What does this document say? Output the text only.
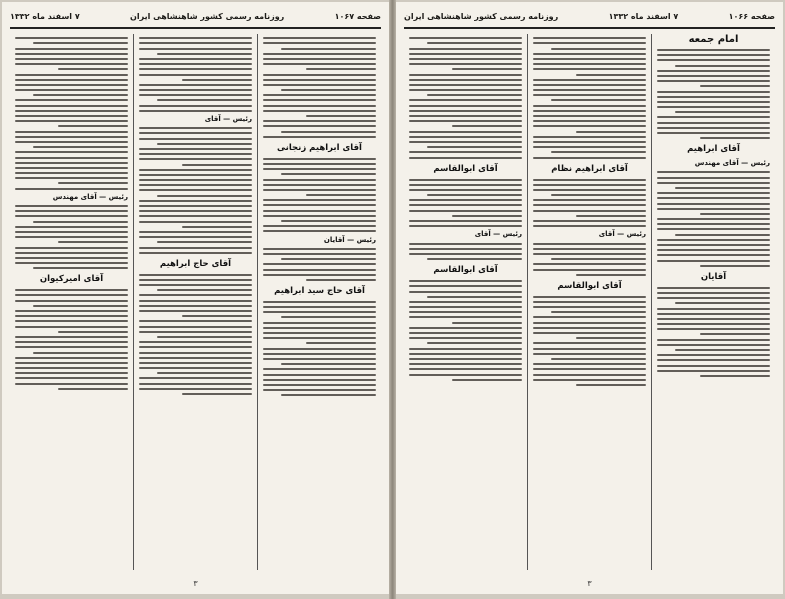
صفحه ۱۰۶۷
روزنامه رسمی کشور شاهنشاهی ایران
۷ اسفند ماه ۱۳۳۲
آقای ابراهیم زنجانی
رئیس — آقایان
آقای حاج سید ابراهیم
رئیس — آقای
آقای حاج ابراهیم
رئیس — آقای مهندس
آقای امیرکیوان
۳
صفحه ۱۰۶۶
۷ اسفند ماه ۱۳۳۲
روزنامه رسمی کشور شاهنشاهی ایران
امام جمعه
آقای ابراهیم
رئیس — آقای مهندس
آقایان
آقای ابراهیم نظام
رئیس — آقای
آقای ابوالقاسم
آقای ابوالقاسم
رئیس — آقای
آقای ابوالقاسم
۳
